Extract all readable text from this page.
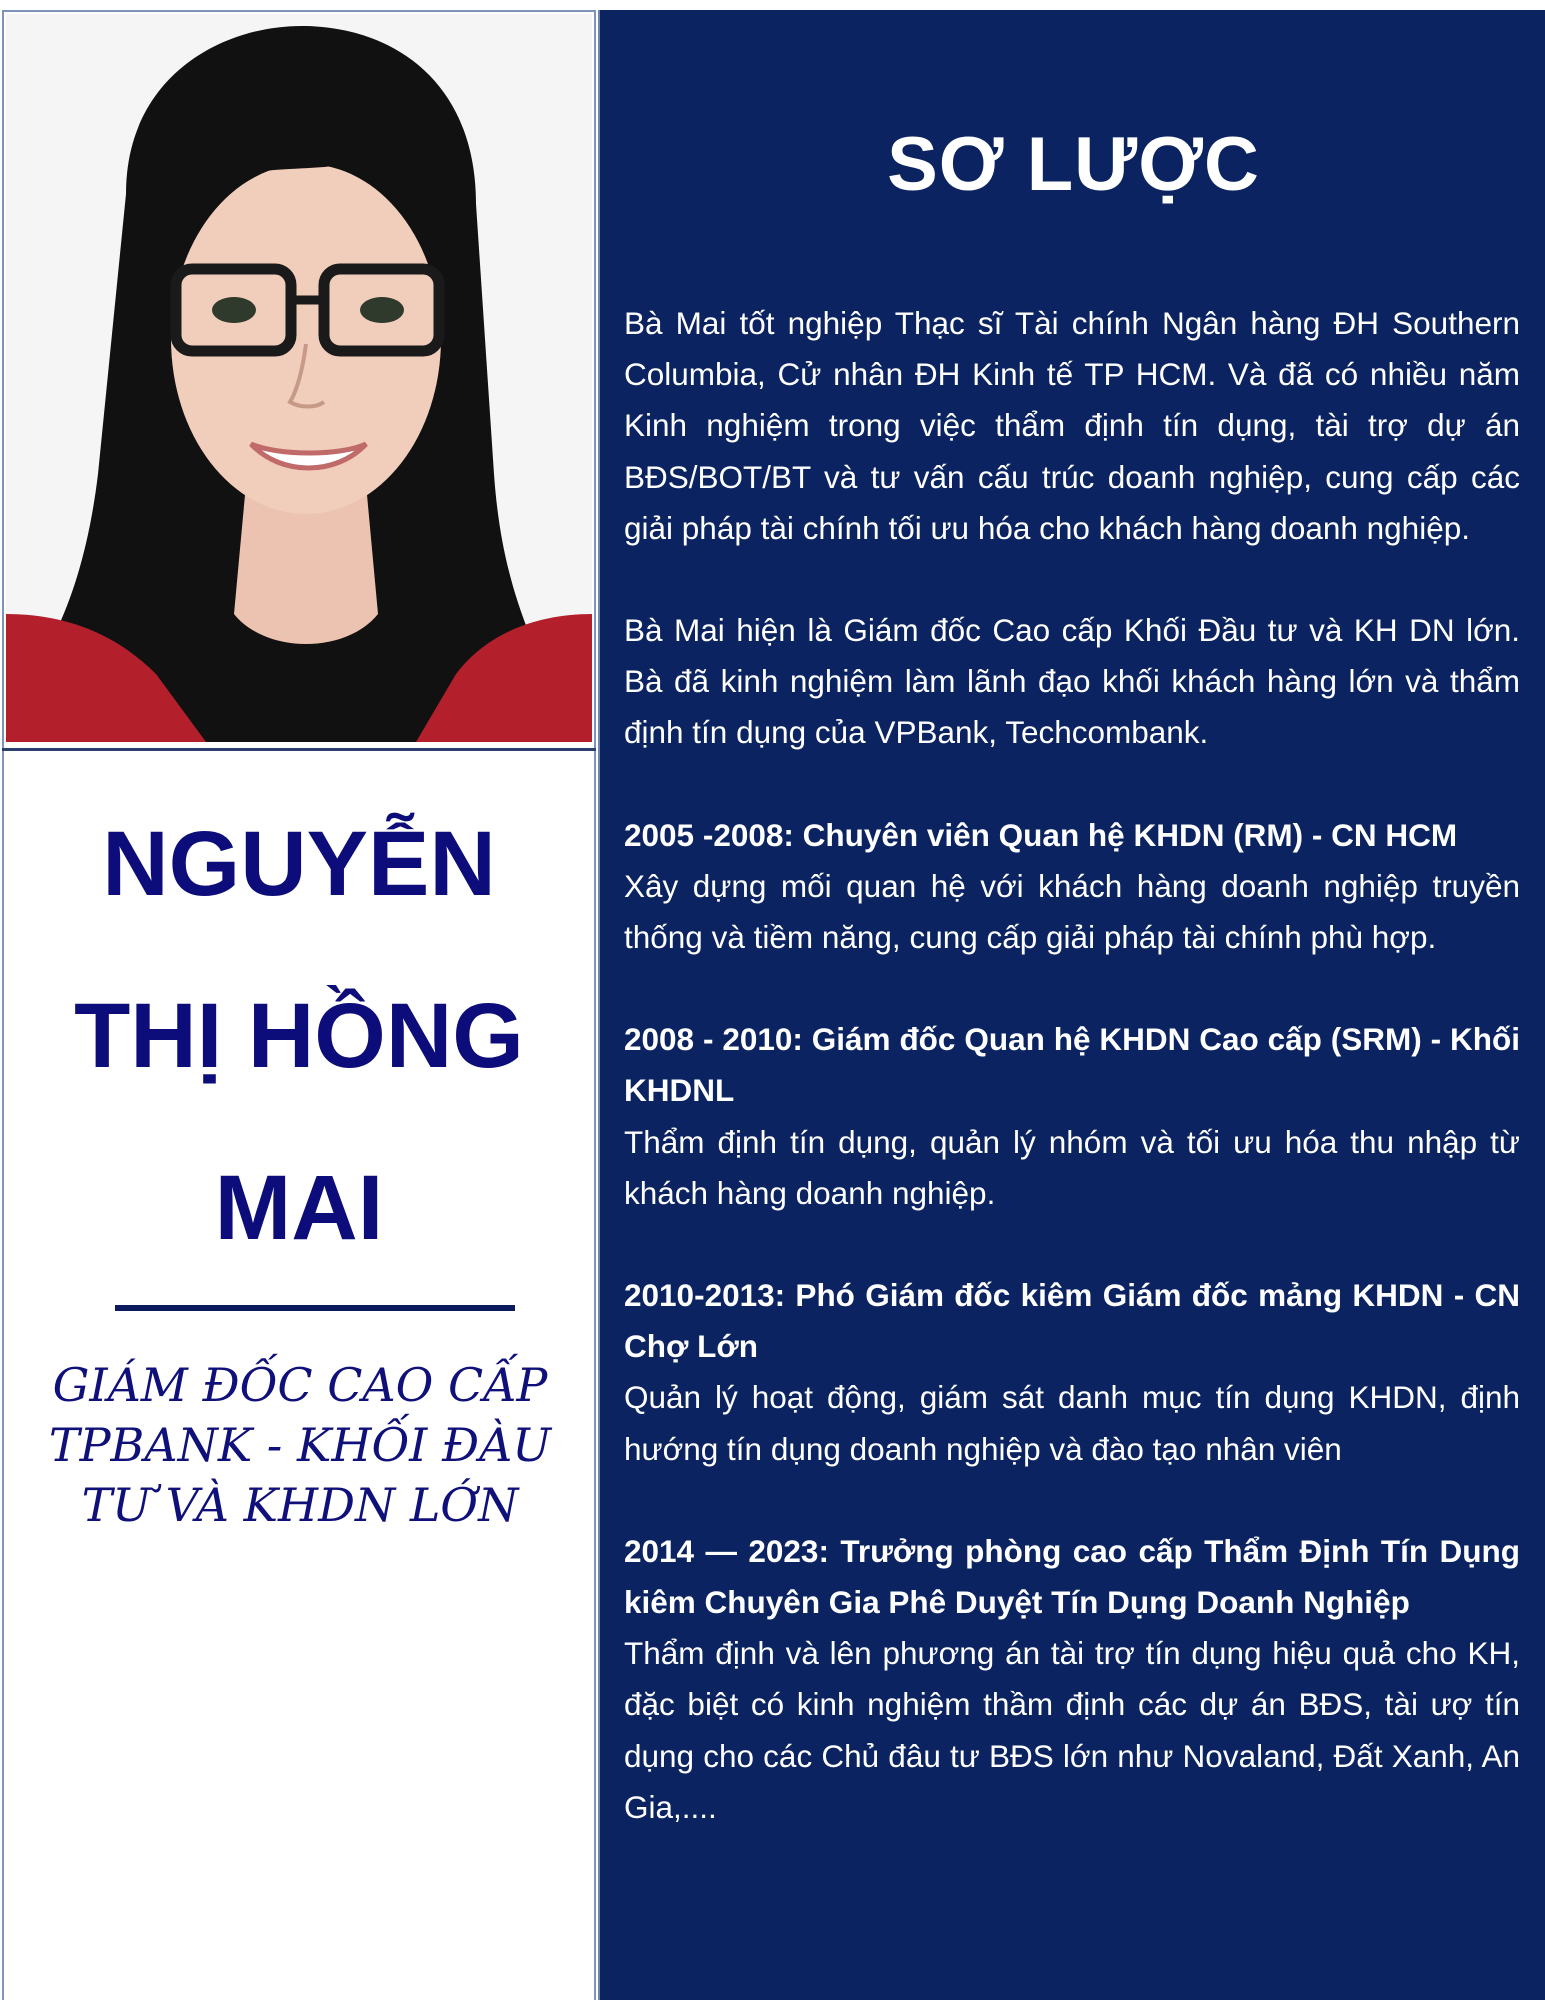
NGUYỄN
THỊ HỒNG
MAI

GIÁM ĐỐC CAO CẤP
TPBANK - KHỐI ĐÀU
TƯ VÀ KHDN LỚN

SƠ LƯỢC

Bà Mai tốt nghiệp Thạc sĩ Tài chính Ngân hàng ĐH Southern Columbia, Cử nhân ĐH Kinh tế TP HCM. Và đã có nhiều năm Kinh nghiệm trong việc thẩm định tín dụng, tài trợ dự án BĐS/BOT/BT và tư vấn cấu trúc doanh nghiệp, cung cấp các giải pháp tài chính tối ưu hóa cho khách hàng doanh nghiệp.

Bà Mai hiện là Giám đốc Cao cấp Khối Đầu tư và KH DN lớn. Bà đã kinh nghiệm làm lãnh đạo khối khách hàng lớn và thẩm định tín dụng của VPBank, Techcombank.

2005 -2008: Chuyên viên Quan hệ KHDN (RM) - CN HCM
Xây dựng mối quan hệ với khách hàng doanh nghiệp truyền thống và tiềm năng, cung cấp giải pháp tài chính phù hợp.

2008 - 2010: Giám đốc Quan hệ KHDN Cao cấp (SRM) - Khối KHDNL
Thẩm định tín dụng, quản lý nhóm và tối ưu hóa thu nhập từ khách hàng doanh nghiệp.

2010-2013: Phó Giám đốc kiêm Giám đốc mảng KHDN - CN Chợ Lớn
Quản lý hoạt động, giám sát danh mục tín dụng KHDN, định hướng tín dụng doanh nghiệp và đào tạo nhân viên

2014 — 2023: Trưởng phòng cao cấp Thẩm Định Tín Dụng kiêm Chuyên Gia Phê Duyệt Tín Dụng Doanh Nghiệp
Thẩm định và lên phương án tài trợ tín dụng hiệu quả cho KH, đặc biệt có kinh nghiệm thầm định các dự án BĐS, tài ượ tín dụng cho các Chủ đâu tư BĐS lớn như Novaland, Đất Xanh, An Gia,....
